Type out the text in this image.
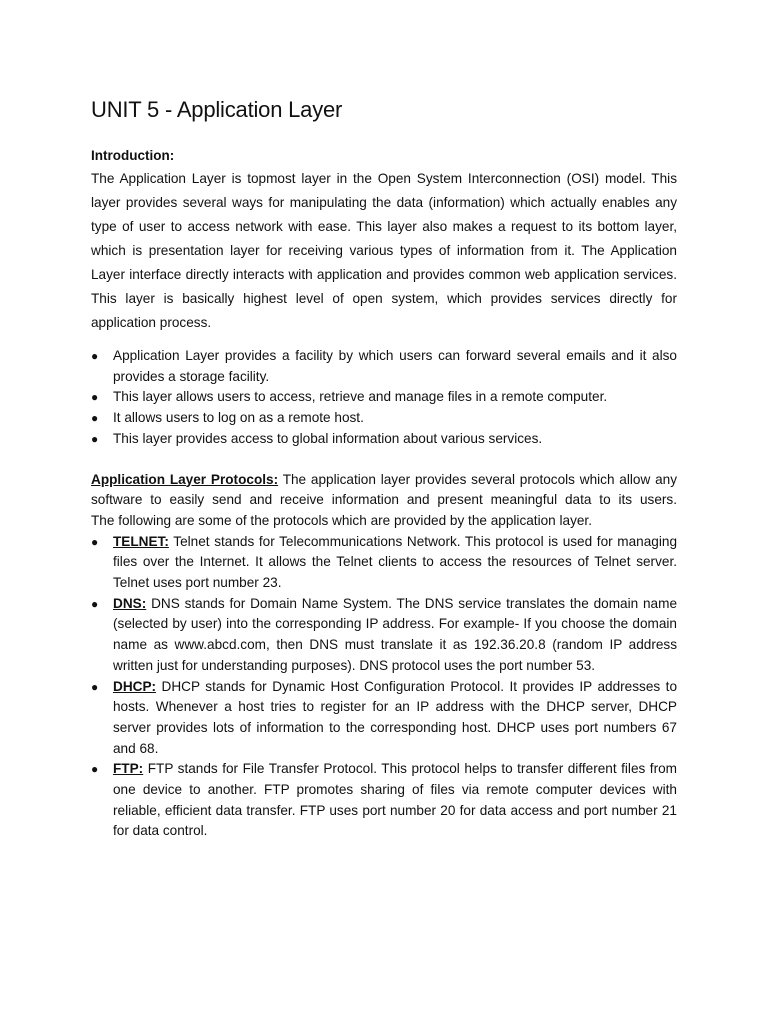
UNIT 5 - Application Layer
Introduction:

The Application Layer is topmost layer in the Open System Interconnection (OSI) model. This layer provides several ways for manipulating the data (information) which actually enables any type of user to access network with ease. This layer also makes a request to its bottom layer, which is presentation layer for receiving various types of information from it. The Application Layer interface directly interacts with application and provides common web application services. This layer is basically highest level of open system, which provides services directly for application process.

● Application Layer provides a facility by which users can forward several emails and it also provides a storage facility.
● This layer allows users to access, retrieve and manage files in a remote computer.
● It allows users to log on as a remote host.
● This layer provides access to global information about various services.

Application Layer Protocols: The application layer provides several protocols which allow any software to easily send and receive information and present meaningful data to its users.

The following are some of the protocols which are provided by the application layer.

● TELNET: Telnet stands for Telecommunications Network. This protocol is used for managing files over the Internet. It allows the Telnet clients to access the resources of Telnet server. Telnet uses port number 23.
● DNS: DNS stands for Domain Name System. The DNS service translates the domain name (selected by user) into the corresponding IP address. For example- If you choose the domain name as www.abcd.com, then DNS must translate it as 192.36.20.8 (random IP address written just for understanding purposes). DNS protocol uses the port number 53.
● DHCP: DHCP stands for Dynamic Host Configuration Protocol. It provides IP addresses to hosts. Whenever a host tries to register for an IP address with the DHCP server, DHCP server provides lots of information to the corresponding host. DHCP uses port numbers 67 and 68.
● FTP: FTP stands for File Transfer Protocol. This protocol helps to transfer different files from one device to another. FTP promotes sharing of files via remote computer devices with reliable, efficient data transfer. FTP uses port number 20 for data access and port number 21 for data control.
